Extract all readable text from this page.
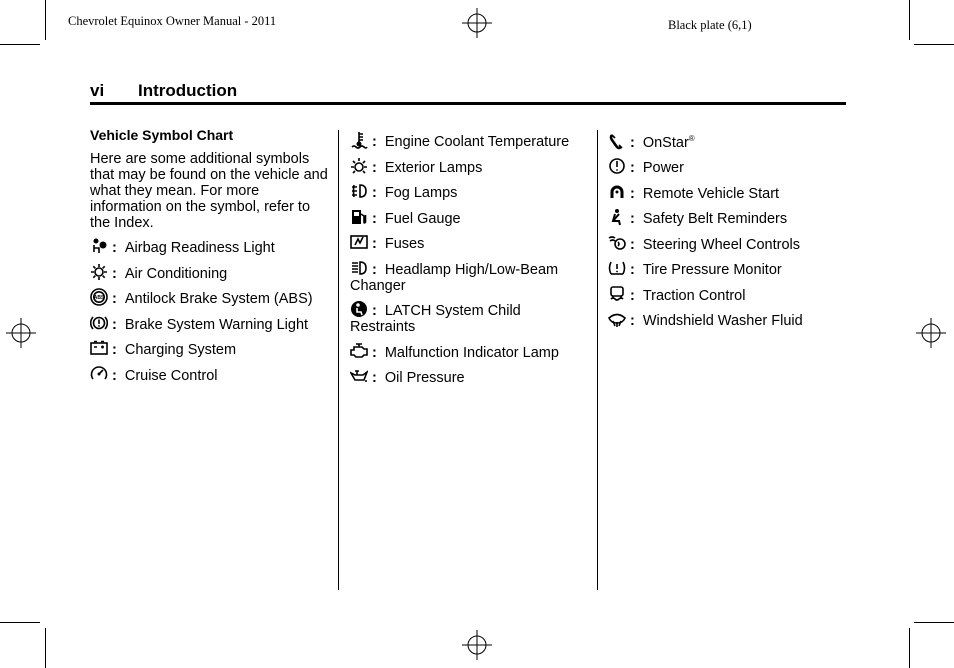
Chevrolet Equinox Owner Manual - 2011	Black plate (6,1)
vi Introduction

Vehicle Symbol Chart

Here are some additional symbols that may be found on the vehicle and what they mean. For more information on the symbol, refer to the Index.

: Airbag Readiness Light
: Air Conditioning
ABS : Antilock Brake System (ABS)
: Brake System Warning Light
: Charging System
: Cruise Control
: Engine Coolant Temperature
: Exterior Lamps
: Fog Lamps
: Fuel Gauge
: Fuses
: Headlamp High/Low-Beam Changer
: LATCH System Child Restraints
: Malfunction Indicator Lamp
: Oil Pressure
: OnStar®
: Power
: Remote Vehicle Start
: Safety Belt Reminders
: Steering Wheel Controls
: Tire Pressure Monitor
: Traction Control
: Windshield Washer Fluid
